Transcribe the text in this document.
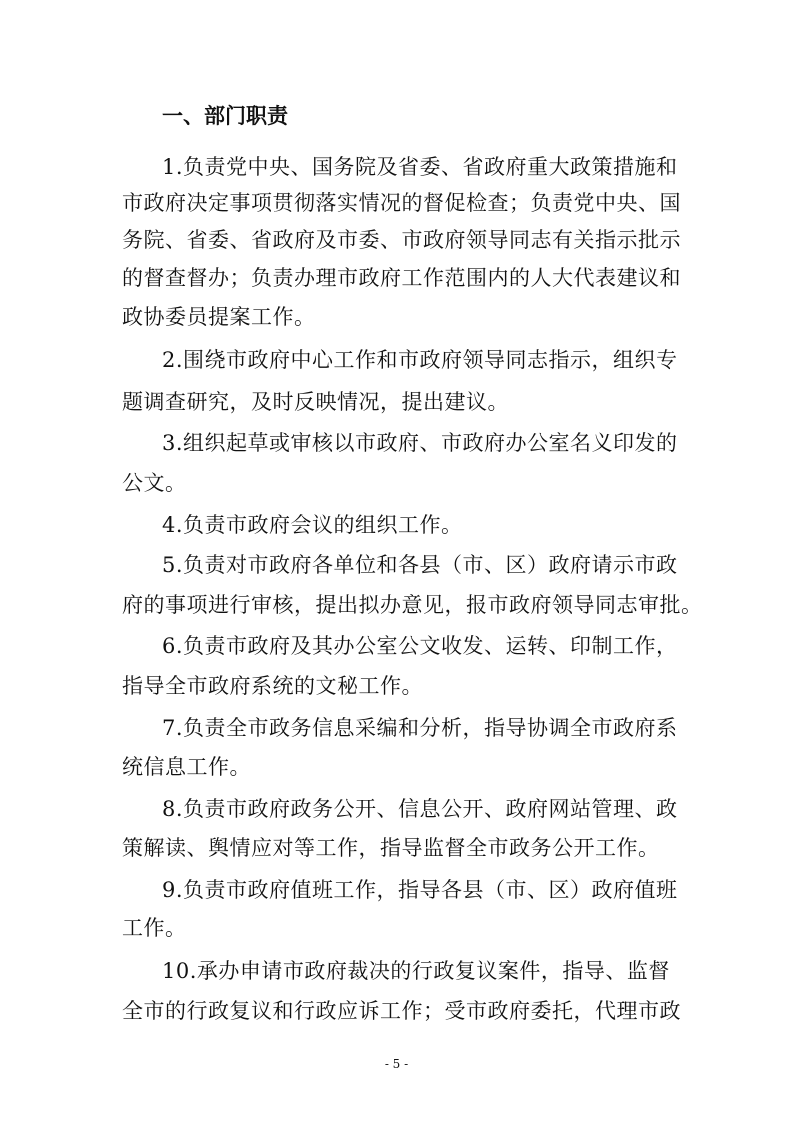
一、部门职责
1.负责党中央、国务院及省委、省政府重大政策措施和
市政府决定事项贯彻落实情况的督促检查；负责党中央、国
务院、省委、省政府及市委、市政府领导同志有关指示批示
的督查督办；负责办理市政府工作范围内的人大代表建议和
政协委员提案工作。
2.围绕市政府中心工作和市政府领导同志指示，组织专
题调查研究，及时反映情况，提出建议。
3.组织起草或审核以市政府、市政府办公室名义印发的
公文。
4.负责市政府会议的组织工作。
5.负责对市政府各单位和各县（市、区）政府请示市政
府的事项进行审核，提出拟办意见，报市政府领导同志审批。
6.负责市政府及其办公室公文收发、运转、印制工作，
指导全市政府系统的文秘工作。
7.负责全市政务信息采编和分析，指导协调全市政府系
统信息工作。
8.负责市政府政务公开、信息公开、政府网站管理、政
策解读、舆情应对等工作，指导监督全市政务公开工作。
9.负责市政府值班工作，指导各县（市、区）政府值班
工作。
10.承办申请市政府裁决的行政复议案件，指导、监督
全市的行政复议和行政应诉工作；受市政府委托，代理市政
- 5 -
